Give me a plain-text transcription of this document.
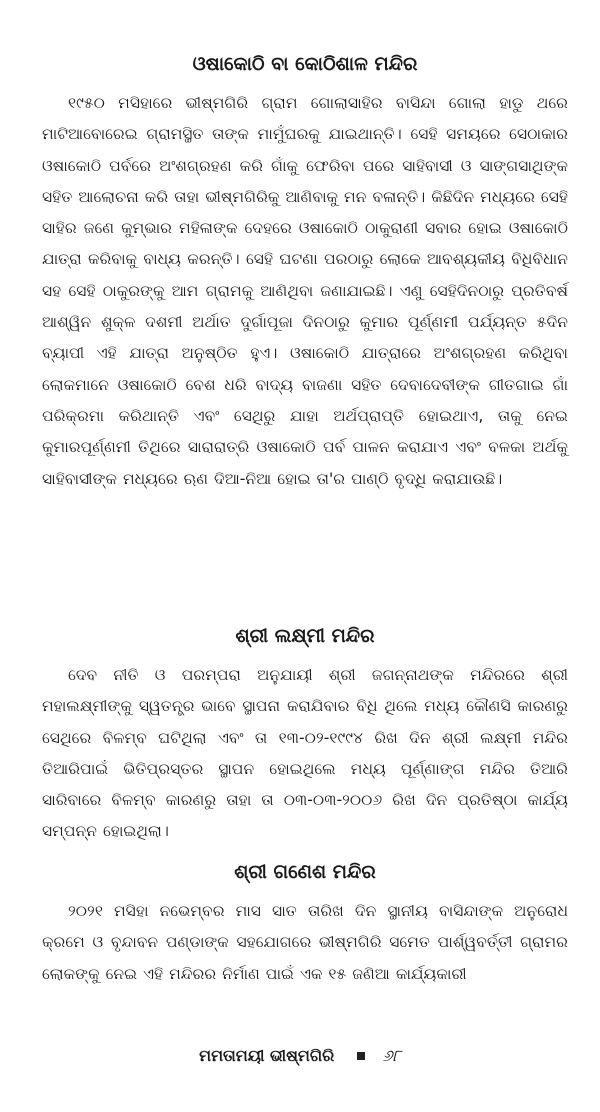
ଓଷାକୋଠି ବା କୋଠିଶାଳ ମନ୍ଦିର

୧୯୫୦ ମସିହାରେ ଭୀଷ୍ମଗିରି ଗ୍ରାମ ଗୋଲାସାହିର ବାସିନ୍ଦା ଗୋଲା ହାଡୁ ଥରେ ମାଟିଆବୋରେଇ ଗ୍ରାମସ୍ଥିତ ତାଙ୍କ ମାମୁଁଘରକୁ ଯାଇଥାନ୍ତି। ସେହି ସମୟରେ ସେଠାକାର ଓଷାକୋଠି ପର୍ବରେ ଅଂଶଗ୍ରହଣ କରି ଗାଁକୁ ଫେରିବା ପରେ ସାହିବାସୀ ଓ ସାଙ୍ଗସାଥିଙ୍କ ସହିତ ଆଲୋଚନା କରି ତାହା ଭୀଷ୍ମଗିରିକୁ ଆଣିବାକୁ ମନ ବଳାନ୍ତି। କିଛିଦିନ ମଧ୍ୟରେ ସେହି ସାହିର ଜଣେ କୁମ୍ଭାର ମହିଳାଙ୍କ ଦେହରେ ଓଷାକୋଠି ଠାକୁରାଣୀ ସବାର ହୋଇ ଓଷାକୋଠି ଯାତ୍ରା କରିବାକୁ ବାଧ୍ୟ କରନ୍ତି। ସେହି ଘଟଣା ପରଠାରୁ ଲୋକେ ଆବଶ୍ୟକୀୟ ବିଧିବିଧାନ ସହ ସେହି ଠାକୁରଙ୍କୁ ଆମ ଗ୍ରାମକୁ ଆଣିଥିବା ଜଣାଯାଇଛି। ଏଣୁ ସେହିଦିନଠାରୁ ପ୍ରତିବର୍ଷ ଆଶ୍ୱିନ ଶୁକ୍ଳ ଦଶମୀ ଅର୍ଥାତ ଦୁର୍ଗାପୂଜା ଦିନଠାରୁ କୁମାର ପୂର୍ଣ୍ଣମୀ ପର୍ଯ୍ୟନ୍ତ ୫ଦିନ ବ୍ୟାପୀ ଏହି ଯାତ୍ରା ଅନୁଷ୍ଠିତ ହୁଏ। ଓଷାକୋଠି ଯାତ୍ରାରେ ଅଂଶଗ୍ରହଣ କରିଥିବା ଲୋକମାନେ ଓଷାକୋଠି ବେଶ ଧରି ବାଦ୍ୟ ବାଜଣା ସହିତ ଦେବାଦେବୀଙ୍କ ଗୀତଗାଇ ଗାଁ ପରିକ୍ରମା କରିଥାନ୍ତି ଏବଂ ସେଥିରୁ ଯାହା ଅର୍ଥପ୍ରାପ୍ତି ହୋଇଥାଏ, ତାକୁ ନେଇ କୁମାରପୂର୍ଣ୍ଣମୀ ତିଥିରେ ସାରାରାତ୍ରି ଓଷାକୋଠି ପର୍ବ ପାଳନ କରାଯାଏ ଏବଂ ବଳକା ଅର୍ଥକୁ ସାହିବାସୀଙ୍କ ମଧ୍ୟରେ ଋଣ ଦିଆ-ନିଆ ହୋଇ ତା'ର ପାଣ୍ଠି ବୃଦ୍ଧି କରାଯାଉଛି।

ଶ୍ରୀ ଲକ୍ଷ୍ମୀ ମନ୍ଦିର

ଦେବ ନୀତି ଓ ପରମ୍ପରା ଅନୁଯାୟୀ ଶ୍ରୀ ଜଗନ୍ନାଥଙ୍କ ମନ୍ଦିରରେ ଶ୍ରୀ ମହାଲକ୍ଷ୍ମୀଙ୍କୁ ସ୍ୱତନ୍ତ୍ର ଭାବେ ସ୍ଥାପନା କରାଯିବାର ବିଧି ଥିଲେ ମଧ୍ୟ କୌଣସି କାରଣରୁ ସେଥିରେ ବିଳମ୍ବ ଘଟିଥିଲା ଏବଂ ତା ୧୩-୦୨-୧୯୯୪ ରିଖ ଦିନ ଶ୍ରୀ ଲକ୍ଷ୍ମୀ ମନ୍ଦିର ତିଆରିପାଇଁ ଭିତିପ୍ରସ୍ତର ସ୍ଥାପନ ହୋଇଥିଲେ ମଧ୍ୟ ପୂର୍ଣ୍ଣାଙ୍ଗ ମନ୍ଦିର ତିଆରି ସାରିବାରେ ବିଳମ୍ବ କାରଣରୁ ତାହା ତା ୦୩-୦୩-୨୦୦୬ ରିଖ ଦିନ ପ୍ରତିଷ୍ଠା କାର୍ଯ୍ୟ ସମ୍ପନ୍ନ ହୋଇଥିଲା।

ଶ୍ରୀ ଗଣେଶ ମନ୍ଦିର

୨୦୨୧ ମସିହା ନଭେମ୍ବର ମାସ ସାତ ତାରିଖ ଦିନ ସ୍ଥାନୀୟ ବାସିନ୍ଦାଙ୍କ ଅନୁରୋଧ କ୍ରମେ ଓ ବୃନ୍ଦାବନ ପଣ୍ଡାଙ୍କ ସହଯୋଗରେ ଭୀଷ୍ମଗିରି ସମେତ ପାର୍ଶ୍ୱବର୍ତ୍ତୀ ଗ୍ରାମର ଲୋକଙ୍କୁ ନେଇ ଏହି ମନ୍ଦିରର ନିର୍ମାଣ ପାଇଁ ଏକ ୧୫ ଜଣିଆ କାର୍ଯ୍ୟକାରୀ

ମମତାମୟୀ ଭୀଷ୍ମଗିରି	୬୮
